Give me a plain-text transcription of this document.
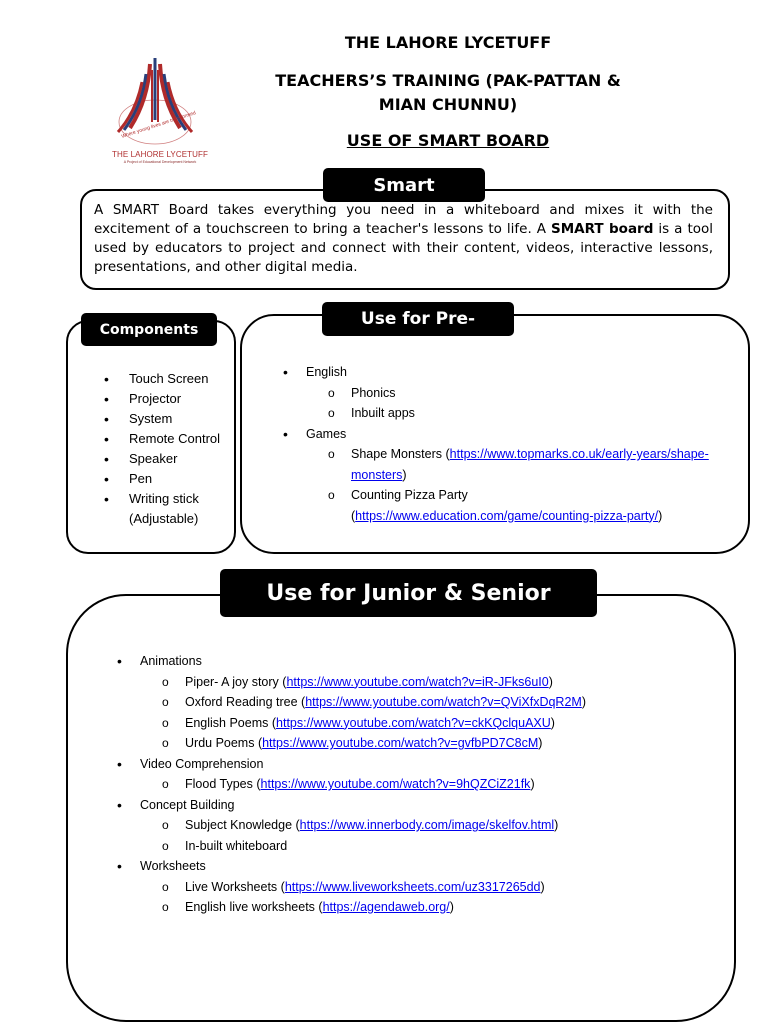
Where young lives are transformed
THE LAHORE LYCETUFF
A Project of Educational Development Network
THE LAHORE LYCETUFF
TEACHERS’S TRAINING (PAK-PATTAN & MIAN CHUNNU)
USE OF SMART BOARD
Smart
A SMART Board takes everything you need in a whiteboard and mixes it with the excitement of a touchscreen to bring a teacher's lessons to life. A SMART board is a tool used by educators to project and connect with their content, videos, interactive lessons, presentations, and other digital media.
Components
• Touch Screen
• Projector
• System
• Remote Control
• Speaker
• Pen
• Writing stick (Adjustable)
Use for Pre-
• English
o Phonics
o Inbuilt apps
• Games
o Shape Monsters (https://www.topmarks.co.uk/early-years/shape-monsters)
o Counting Pizza Party
(https://www.education.com/game/counting-pizza-party/)
Use for Junior & Senior
• Animations
o Piper- A joy story (https://www.youtube.com/watch?v=iR-JFks6uI0)
o Oxford Reading tree (https://www.youtube.com/watch?v=QViXfxDqR2M)
o English Poems (https://www.youtube.com/watch?v=ckKQclquAXU)
o Urdu Poems (https://www.youtube.com/watch?v=gvfbPD7C8cM)
• Video Comprehension
o Flood Types (https://www.youtube.com/watch?v=9hQZCiZ21fk)
• Concept Building
o Subject Knowledge (https://www.innerbody.com/image/skelfov.html)
o In-built whiteboard
• Worksheets
o Live Worksheets (https://www.liveworksheets.com/uz3317265dd)
o English live worksheets (https://agendaweb.org/)
